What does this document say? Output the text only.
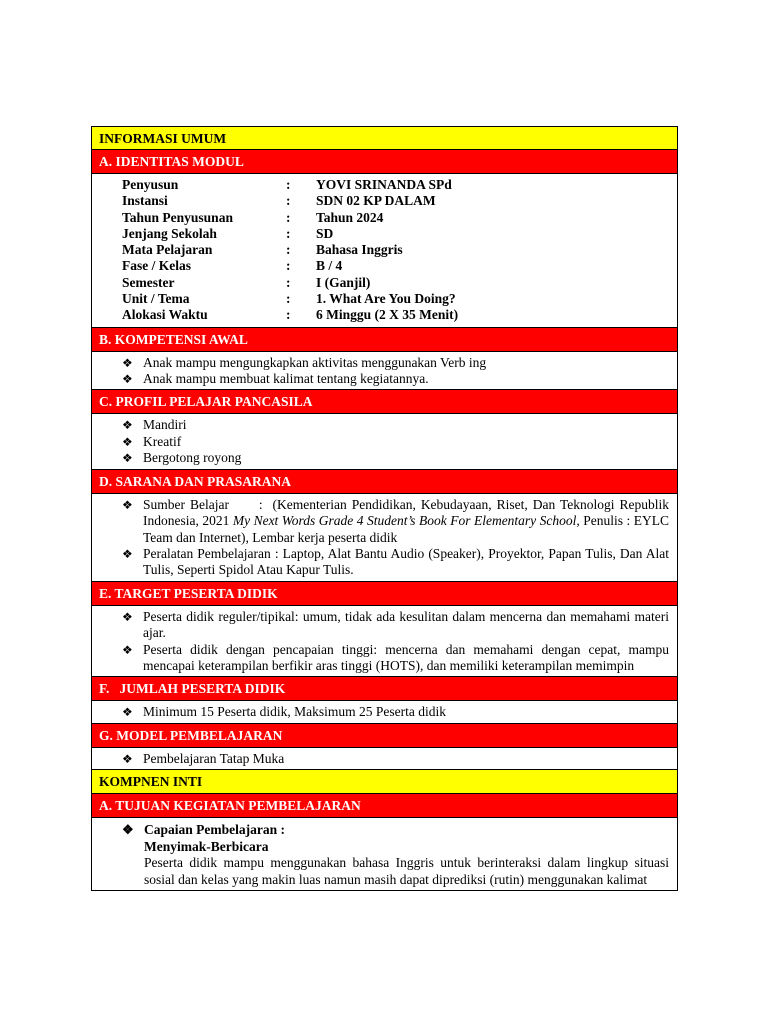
INFORMASI UMUM
A. IDENTITAS MODUL
Penyusun	:	YOVI SRINANDA SPd
Instansi	:	SDN 02 KP DALAM
Tahun Penyusunan	:	Tahun 2024
Jenjang Sekolah	:	SD
Mata Pelajaran	:	Bahasa Inggris
Fase / Kelas	:	B / 4
Semester	:	I (Ganjil)
Unit / Tema	:	1. What Are You Doing?
Alokasi Waktu	:	6 Minggu (2 X 35 Menit)
B. KOMPETENSI AWAL
❖ Anak mampu mengungkapkan aktivitas menggunakan Verb ing
❖ Anak mampu membuat kalimat tentang kegiatannya.
C. PROFIL PELAJAR PANCASILA
❖ Mandiri
❖ Kreatif
❖ Bergotong royong
D. SARANA DAN PRASARANA
❖ Sumber Belajar      :  (Kementerian Pendidikan, Kebudayaan, Riset, Dan Teknologi Republik Indonesia, 2021 My Next Words Grade 4 Student’s Book For Elementary School, Penulis : EYLC Team dan Internet), Lembar kerja peserta didik
❖ Peralatan Pembelajaran : Laptop, Alat Bantu Audio (Speaker), Proyektor, Papan Tulis, Dan Alat Tulis, Seperti Spidol Atau Kapur Tulis.
E. TARGET PESERTA DIDIK
❖ Peserta didik reguler/tipikal: umum, tidak ada kesulitan dalam mencerna dan memahami materi ajar.
❖ Peserta didik dengan pencapaian tinggi: mencerna dan memahami dengan cepat, mampu mencapai keterampilan berfikir aras tinggi (HOTS), dan memiliki keterampilan memimpin
F.   JUMLAH PESERTA DIDIK
❖ Minimum 15 Peserta didik, Maksimum 25 Peserta didik
G. MODEL PEMBELAJARAN
❖ Pembelajaran Tatap Muka
KOMPNEN INTI
A. TUJUAN KEGIATAN PEMBELAJARAN
❖ Capaian Pembelajaran :
Menyimak-Berbicara
Peserta didik mampu menggunakan bahasa Inggris untuk berinteraksi dalam lingkup situasi sosial dan kelas yang makin luas namun masih dapat diprediksi (rutin) menggunakan kalimat
